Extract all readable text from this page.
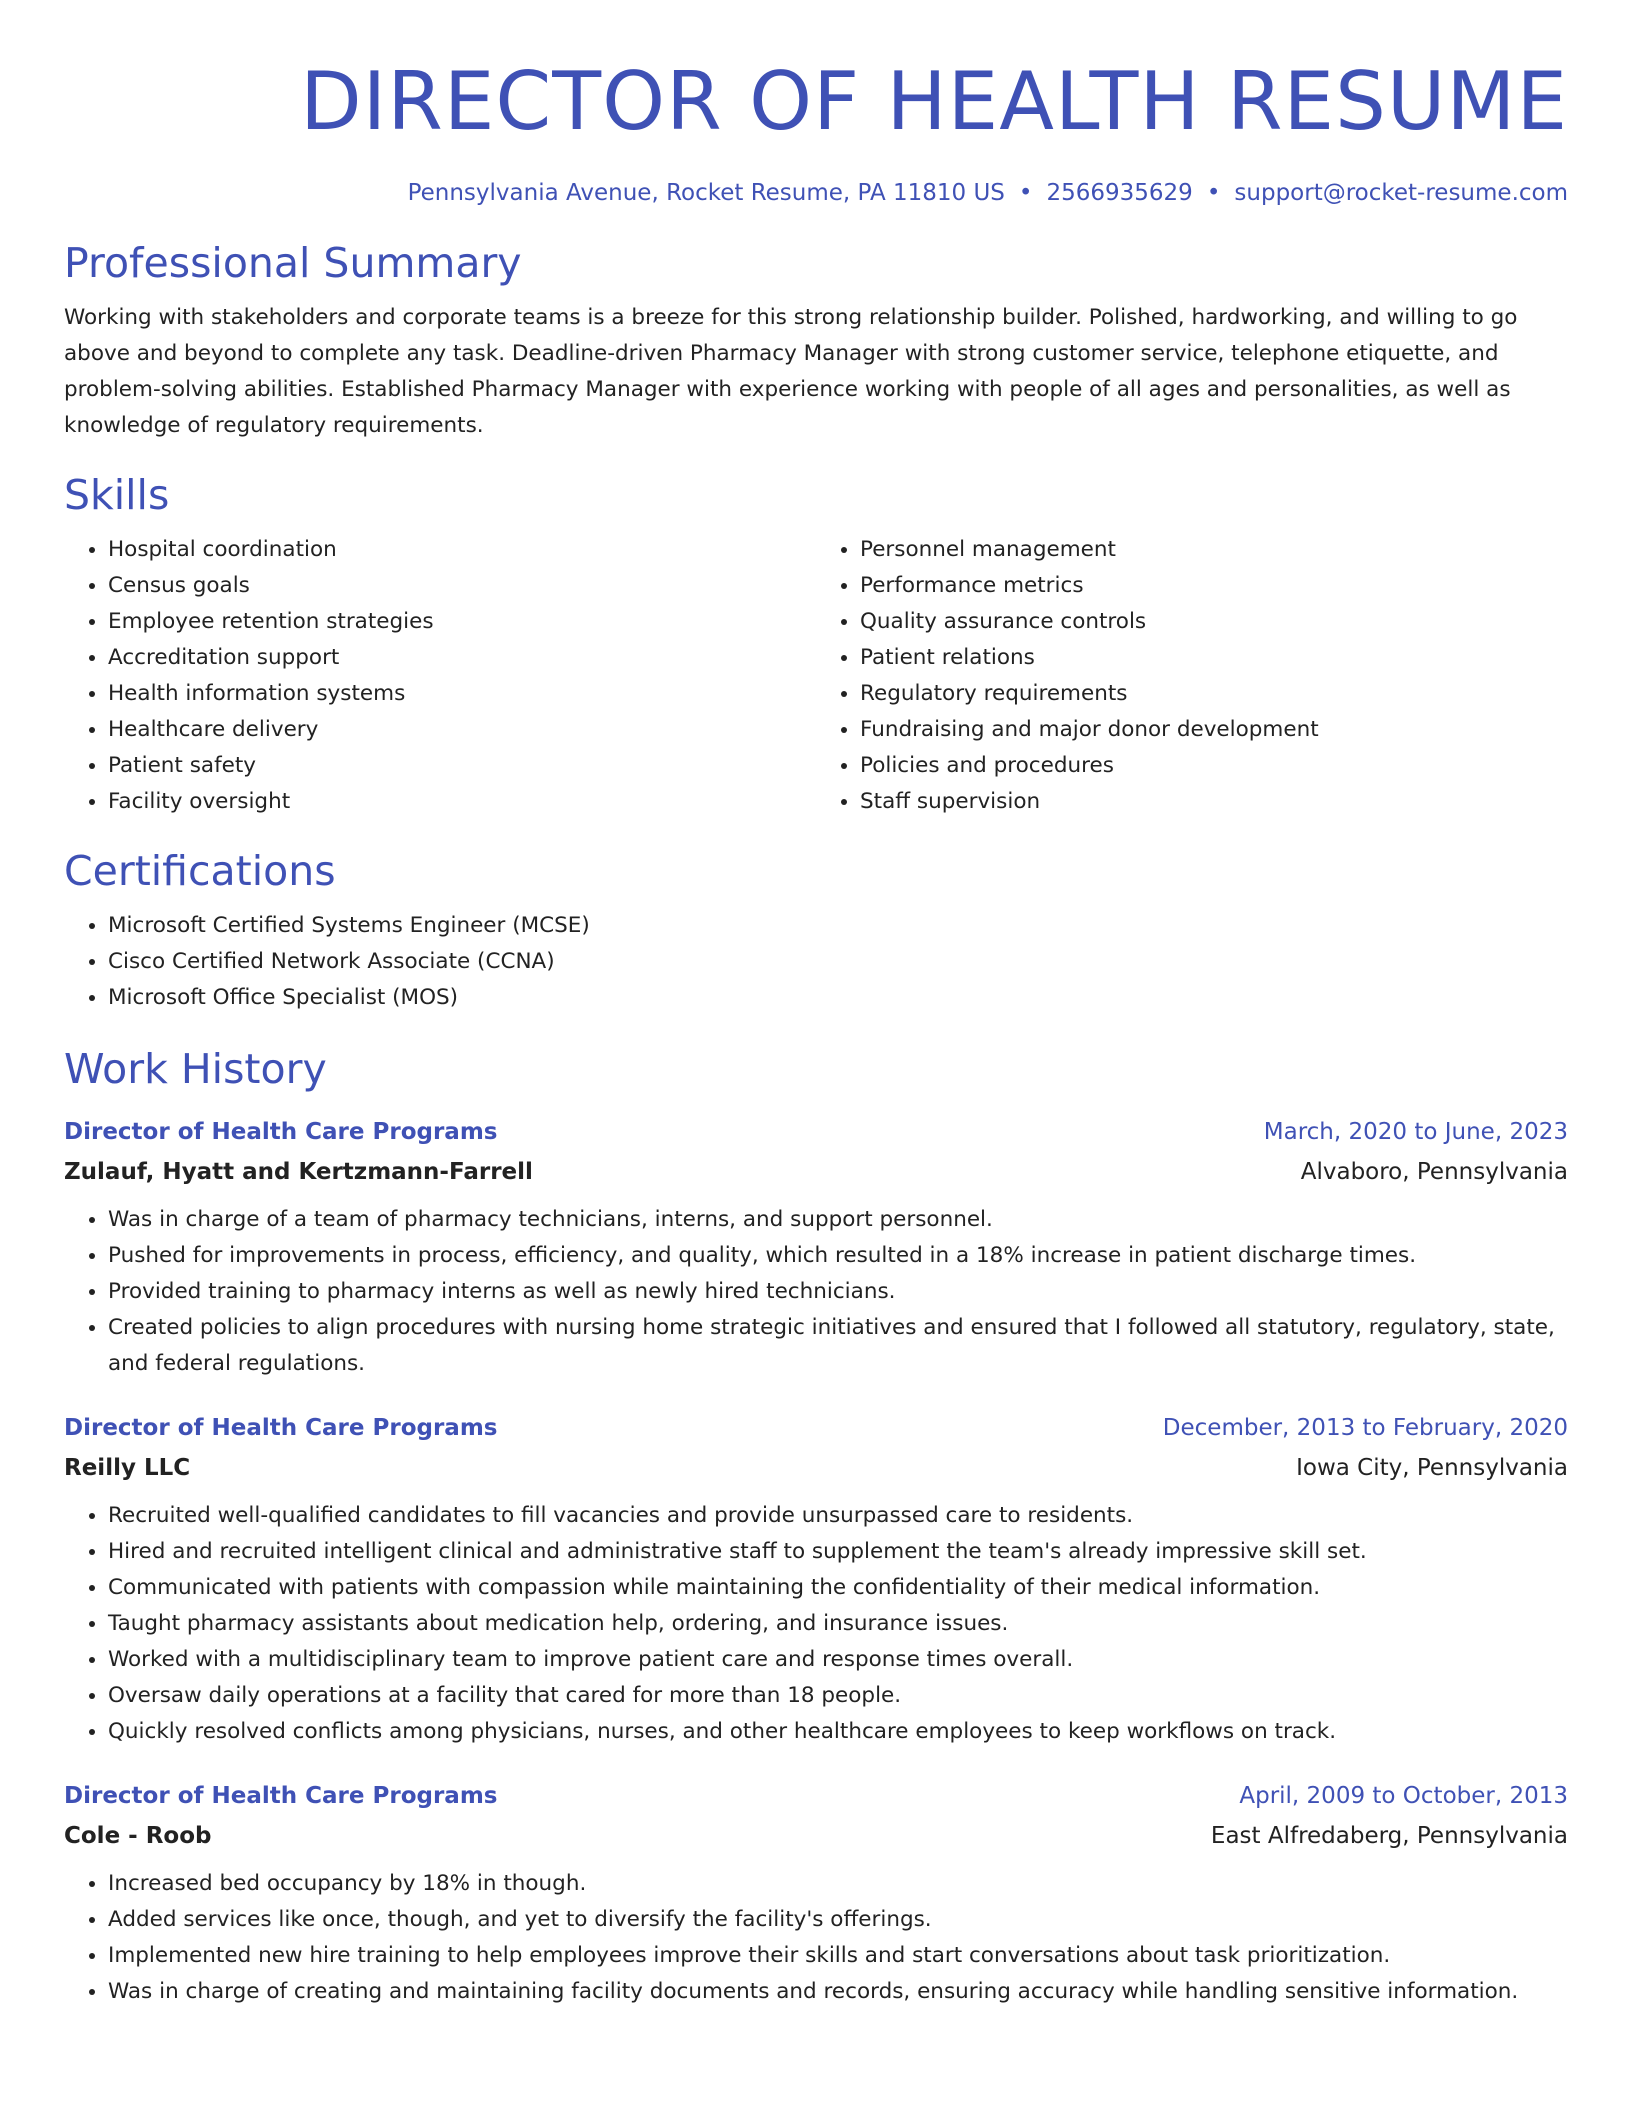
DIRECTOR OF HEALTH RESUME
Pennsylvania Avenue, Rocket Resume, PA 11810 US • 2566935629 • support@rocket-resume.com
Professional Summary

Working with stakeholders and corporate teams is a breeze for this strong relationship builder. Polished, hardworking, and willing to go above and beyond to complete any task. Deadline-driven Pharmacy Manager with strong customer service, telephone etiquette, and problem-solving abilities. Established Pharmacy Manager with experience working with people of all ages and personalities, as well as knowledge of regulatory requirements.

Skills
• Hospital coordination
• Census goals
• Employee retention strategies
• Accreditation support
• Health information systems
• Healthcare delivery
• Patient safety
• Facility oversight
• Personnel management
• Performance metrics
• Quality assurance controls
• Patient relations
• Regulatory requirements
• Fundraising and major donor development
• Policies and procedures
• Staff supervision
Certifications
• Microsoft Certified Systems Engineer (MCSE)
• Cisco Certified Network Associate (CCNA)
• Microsoft Office Specialist (MOS)
Work History
Director of Health Care Programs	March, 2020 to June, 2023
Zulauf, Hyatt and Kertzmann-Farrell	Alvaboro, Pennsylvania
• Was in charge of a team of pharmacy technicians, interns, and support personnel.
• Pushed for improvements in process, efficiency, and quality, which resulted in a 18% increase in patient discharge times.
• Provided training to pharmacy interns as well as newly hired technicians.
• Created policies to align procedures with nursing home strategic initiatives and ensured that I followed all statutory, regulatory, state, and federal regulations.
Director of Health Care Programs	December, 2013 to February, 2020
Reilly LLC	Iowa City, Pennsylvania
• Recruited well-qualified candidates to fill vacancies and provide unsurpassed care to residents.
• Hired and recruited intelligent clinical and administrative staff to supplement the team's already impressive skill set.
• Communicated with patients with compassion while maintaining the confidentiality of their medical information.
• Taught pharmacy assistants about medication help, ordering, and insurance issues.
• Worked with a multidisciplinary team to improve patient care and response times overall.
• Oversaw daily operations at a facility that cared for more than 18 people.
• Quickly resolved conflicts among physicians, nurses, and other healthcare employees to keep workflows on track.
Director of Health Care Programs	April, 2009 to October, 2013
Cole - Roob	East Alfredaberg, Pennsylvania
• Increased bed occupancy by 18% in though.
• Added services like once, though, and yet to diversify the facility's offerings.
• Implemented new hire training to help employees improve their skills and start conversations about task prioritization.
• Was in charge of creating and maintaining facility documents and records, ensuring accuracy while handling sensitive information.
